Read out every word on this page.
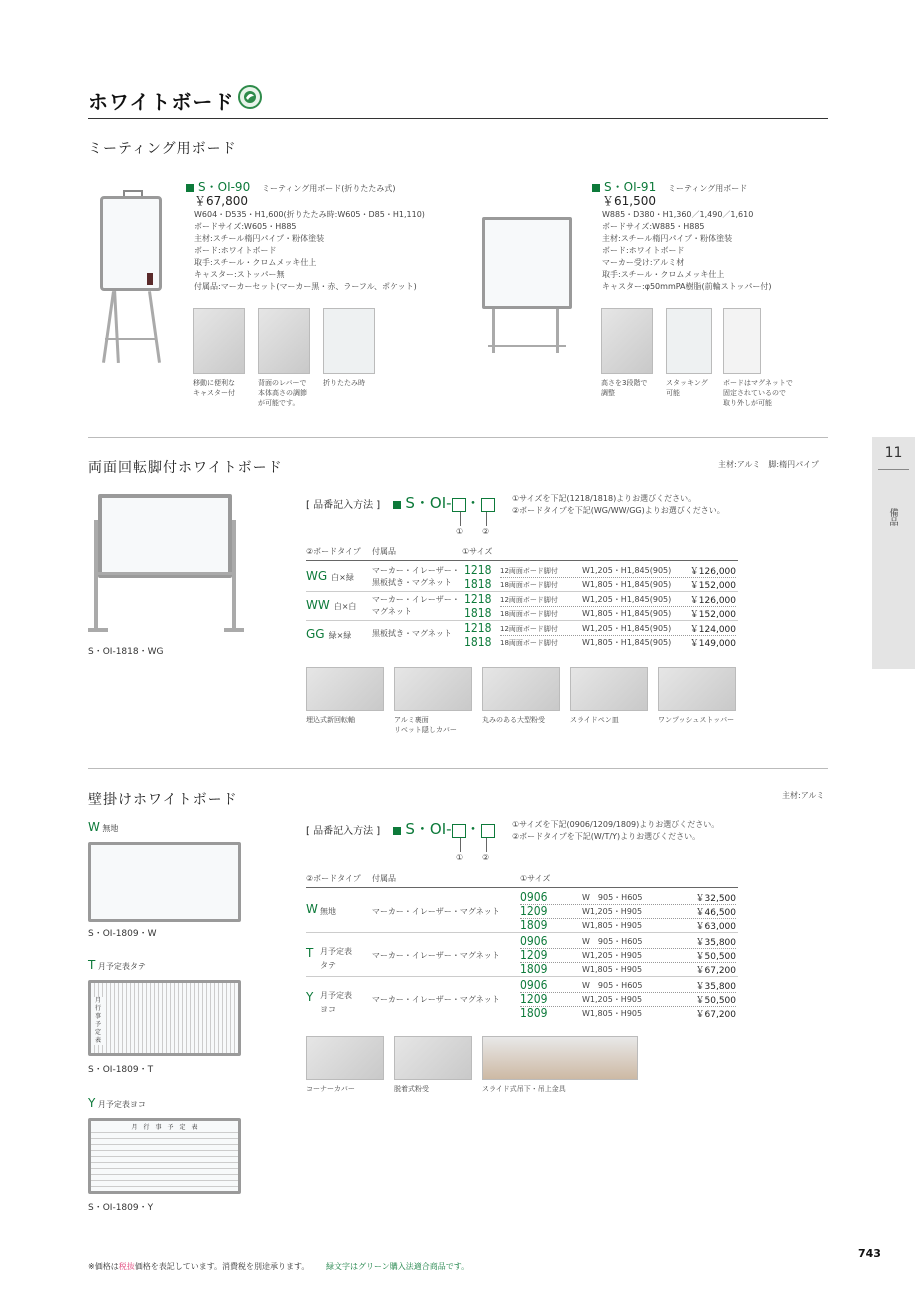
ホワイトボード
ミーティング用ボード
S・OI-90 ミーティング用ボード(折りたたみ式)
￥67,800
W604・D535・H1,600(折りたたみ時:W605・D85・H1,110)
ボードサイズ:W605・H885
主材:スチール楕円パイプ・粉体塗装
ボード:ホワイトボード
取手:スチール・クロムメッキ仕上
キャスター:ストッパー無
付属品:マーカーセット(マーカー黒・赤、ラーフル、ポケット)
移動に便利な
キャスター付
背面のレバーで
本体高さの調節
が可能です。
折りたたみ時
S・OI-91 ミーティング用ボード
￥61,500
W885・D380・H1,360／1,490／1,610
ボードサイズ:W885・H885
主材:スチール楕円パイプ・粉体塗装
ボード:ホワイトボード
マーカー受け:アルミ材
取手:スチール・クロムメッキ仕上
キャスター:φ50mmPA樹脂(前輪ストッパー付)
高さを3段階で
調整
スタッキング
可能
ボードはマグネットで
固定されているので
取り外しが可能
11
備品
両面回転脚付ホワイトボード	主材:アルミ　脚:楕円パイプ
S・OI-1818・WG
[ 品番記入方法 ] S・OI- ・
① ②
①サイズを下記(1218/1818)よりお選びください。
②ボードタイプを下記(WG/WW/GG)よりお選びください。
②ボードタイプ 付属品	①サイズ
WG 白×緑
マーカー・イレーザー・
黒板拭き・マグネット
1218 12両面ボード脚付	W1,205・H1,845(905)	￥126,000
1818 18両面ボード脚付	W1,805・H1,845(905)	￥152,000
WW 白×白
マーカー・イレーザー・
マグネット
1218 12両面ボード脚付	W1,205・H1,845(905)	￥126,000
1818 18両面ボード脚付	W1,805・H1,845(905)	￥152,000
GG 緑×緑	黒板拭き・マグネット 1218 12両面ボード脚付	W1,205・H1,845(905)	￥124,000
1818 18両面ボード脚付	W1,805・H1,845(905)	￥149,000
埋込式新回転軸	アルミ裏面
リベット隠しカバー
丸みのある大型粉受	スライドペン皿	ワンプッシュストッパー
壁掛けホワイトボード	主材:アルミ
W 無地
S・OI-1809・W
T 月予定表タテ
月
行
事
予
定
表
S・OI-1809・T
Y 月予定表ヨコ
月　行　事　予　定　表
S・OI-1809・Y
[ 品番記入方法 ] S・OI- ・
① ②
①サイズを下記(0906/1209/1809)よりお選びください。
②ボードタイプを下記(W/T/Y)よりお選びください。
②ボードタイプ 付属品	①サイズ
W 無地	マーカー・イレーザー・マグネット
0906	W　905・H605	￥32,500
1209	W1,205・H905	￥46,500
1809	W1,805・H905	￥63,000
T 月予定表
タテ
マーカー・イレーザー・マグネット
0906	W　905・H605	￥35,800
1209	W1,205・H905	￥50,500
1809	W1,805・H905	￥67,200
Y 月予定表
ヨコ
マーカー・イレーザー・マグネット
0906	W　905・H605	￥35,800
1209	W1,205・H905	￥50,500
1809	W1,805・H905	￥67,200
コーナーカバー	脱着式粉受	スライド式吊下・吊上金具
※価格は税抜価格を表記しています。消費税を別途承ります。 緑文字はグリーン購入法適合商品です。
743
